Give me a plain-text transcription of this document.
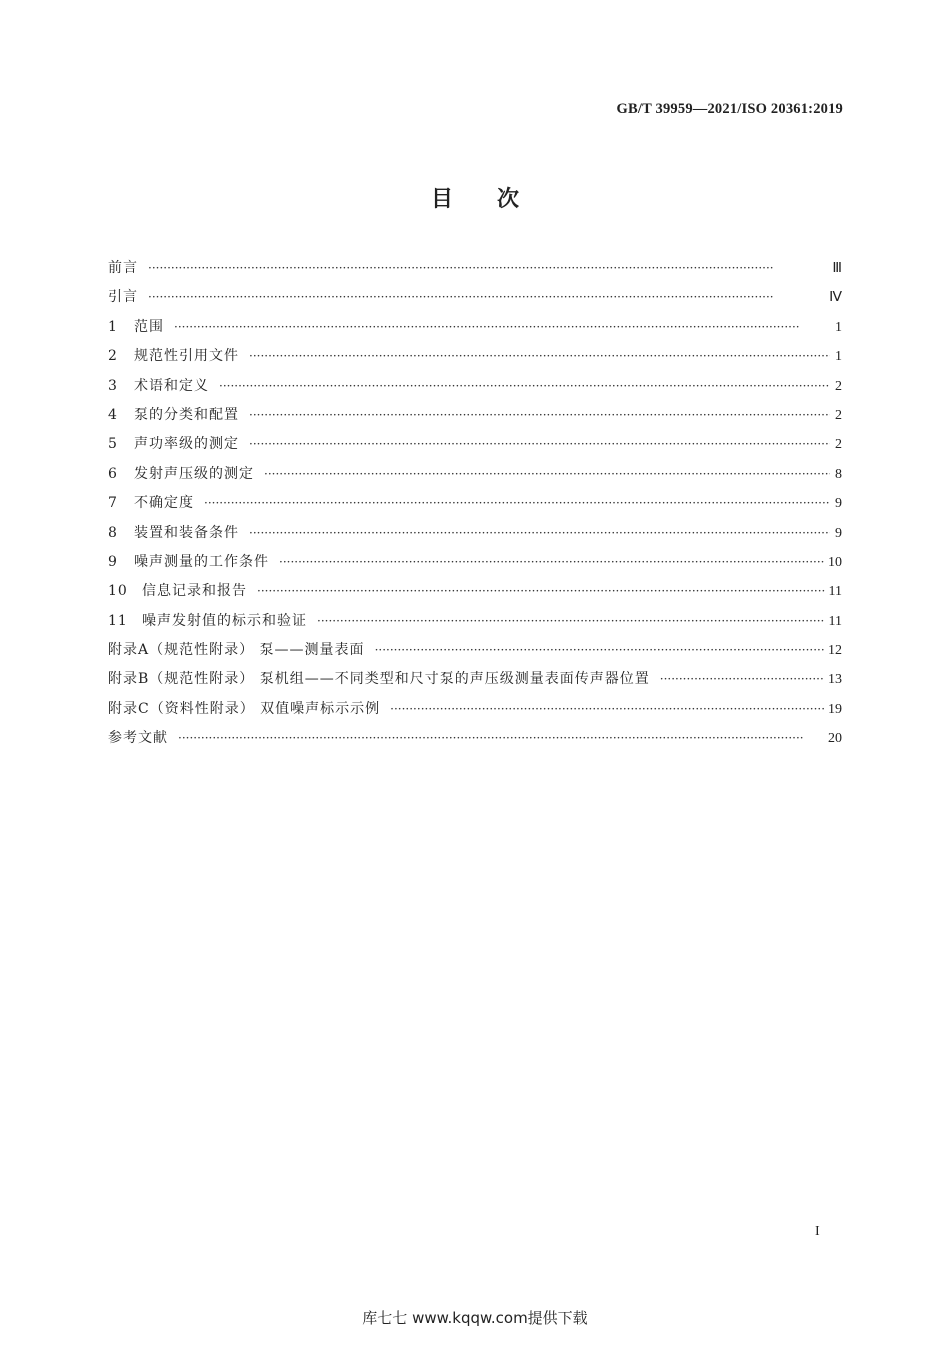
GB/T 39959—2021/ISO 20361:2019
目次
前言 ·····	Ⅲ
引言 ·····	Ⅳ
1	范围 ·····	1
2	规范性引用文件 ·····	1
3	术语和定义 ·····	2
4	泵的分类和配置 ·····	2
5	声功率级的测定 ·····	2
6	发射声压级的测定 ·····	8
7	不确定度 ·····	9
8	装置和装备条件 ·····	9
9	噪声测量的工作条件 ·····	10
10	信息记录和报告 ·····	11
11	噪声发射值的标示和验证 ·····	11
附录A（规范性附录） 泵——测量表面 ·····	12
附录B（规范性附录） 泵机组——不同类型和尺寸泵的声压级测量表面传声器位置 ·····	13
附录C（资料性附录） 双值噪声标示示例 ·····	19
参考文献 ·····	20
I
库七七 www.kqqw.com提供下载
